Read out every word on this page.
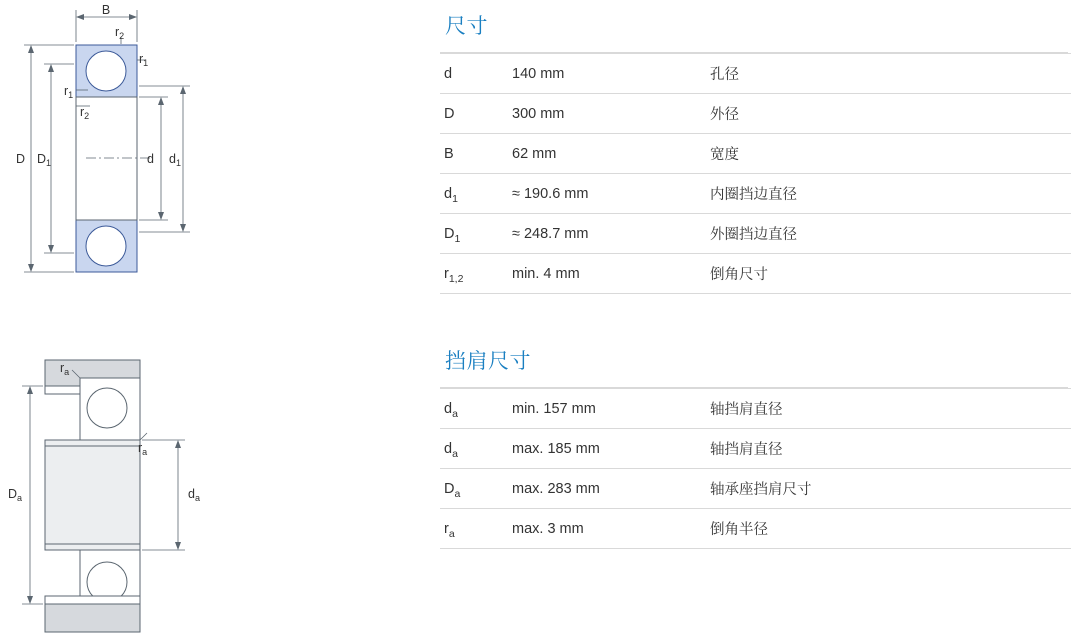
B
$r_2$
$r_1$
$r_1$
$r_2$
D $D_1$	d $d_1$
$r_a$
$r_a$
$D_a$	$d_a$
尺寸
d	140 mm	孔径
D	300 mm	外径
B	62 mm	宽度
$d_1$	≈ 190.6 mm	内圈挡边直径
$D_1$	≈ 248.7 mm	外圈挡边直径
$r_{1,2}$	min. 4 mm	倒角尺寸
挡肩尺寸
$d_a$	min. 157 mm	轴挡肩直径
$d_a$	max. 185 mm	轴挡肩直径
$D_a$	max. 283 mm	轴承座挡肩尺寸
$r_a$	max. 3 mm	倒角半径
